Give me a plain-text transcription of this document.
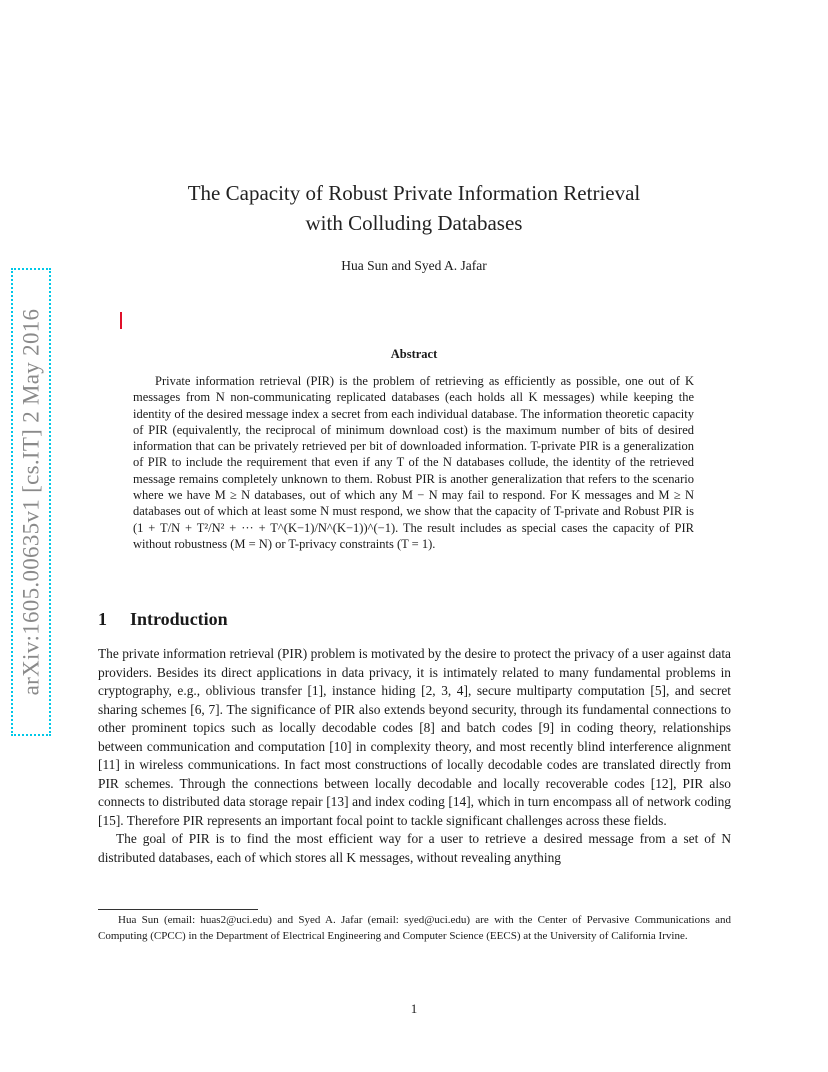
arXiv:1605.00635v1 [cs.IT] 2 May 2016
The Capacity of Robust Private Information Retrieval
with Colluding Databases
Hua Sun and Syed A. Jafar
Abstract

Private information retrieval (PIR) is the problem of retrieving as efficiently as possible, one out of K messages from N non-communicating replicated databases (each holds all K messages) while keeping the identity of the desired message index a secret from each individual database. The information theoretic capacity of PIR (equivalently, the reciprocal of minimum download cost) is the maximum number of bits of desired information that can be privately retrieved per bit of downloaded information. T-private PIR is a generalization of PIR to include the requirement that even if any T of the N databases collude, the identity of the retrieved message remains completely unknown to them. Robust PIR is another generalization that refers to the scenario where we have M ≥ N databases, out of which any M − N may fail to respond. For K messages and M ≥ N databases out of which at least some N must respond, we show that the capacity of T-private and Robust PIR is (1 + T/N + T²/N² + ··· + T^(K−1)/N^(K−1))^(−1). The result includes as special cases the capacity of PIR without robustness (M = N) or T-privacy constraints (T = 1).

1 Introduction

The private information retrieval (PIR) problem is motivated by the desire to protect the privacy of a user against data providers. Besides its direct applications in data privacy, it is intimately related to many fundamental problems in cryptography, e.g., oblivious transfer [1], instance hiding [2, 3, 4], secure multiparty computation [5], and secret sharing schemes [6, 7]. The significance of PIR also extends beyond security, through its fundamental connections to other prominent topics such as locally decodable codes [8] and batch codes [9] in coding theory, relationships between communication and computation [10] in complexity theory, and most recently blind interference alignment [11] in wireless communications. In fact most constructions of locally decodable codes are translated directly from PIR schemes. Through the connections between locally decodable and locally recoverable codes [12], PIR also connects to distributed data storage repair [13] and index coding [14], which in turn encompass all of network coding [15]. Therefore PIR represents an important focal point to tackle significant challenges across these fields.

The goal of PIR is to find the most efficient way for a user to retrieve a desired message from a set of N distributed databases, each of which stores all K messages, without revealing anything

Hua Sun (email: huas2@uci.edu) and Syed A. Jafar (email: syed@uci.edu) are with the Center of Pervasive Communications and Computing (CPCC) in the Department of Electrical Engineering and Computer Science (EECS) at the University of California Irvine.
1
